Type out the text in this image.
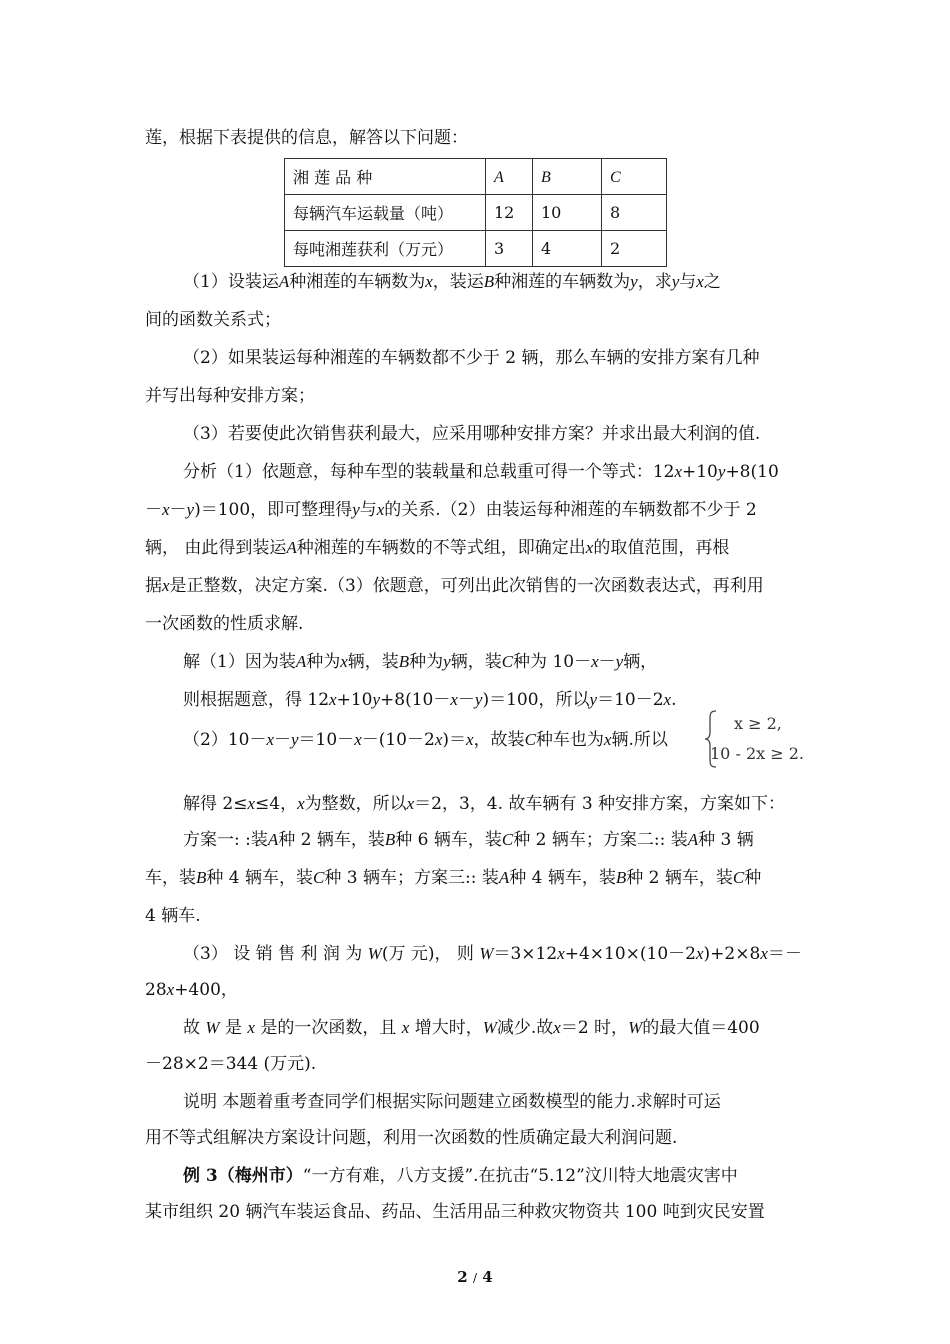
莲，根据下表提供的信息，解答以下问题：
湘 莲 品 种	A	B	C
每辆汽车运载量（吨）	12	10	8
每吨湘莲获利（万元）	3	4	2
（1）设装运A种湘莲的车辆数为x，装运B种湘莲的车辆数为y，求y与x之
间的函数关系式；
（2）如果装运每种湘莲的车辆数都不少于 2 辆，那么车辆的安排方案有几种
并写出每种安排方案；
（3）若要使此次销售获利最大，应采用哪种安排方案？并求出最大利润的值.
分析（1）依题意，每种车型的装载量和总载重可得一个等式：12x+10y+8(10
－x－y)＝100，即可整理得y与x的关系.（2）由装运每种湘莲的车辆数都不少于 2
辆， 由此得到装运A种湘莲的车辆数的不等式组，即确定出x的取值范围，再根
据x是正整数，决定方案.（3）依题意，可列出此次销售的一次函数表达式，再利用
一次函数的性质求解.
解（1）因为装A种为x辆，装B种为y辆，装C种为 10－x－y辆，
则根据题意，得 12x+10y+8(10－x－y)＝100，所以y＝10－2x.
（2）10－x－y＝10－x－(10－2x)＝x，故装C种车也为x辆.所以
x ≥ 2,
10 - 2x ≥ 2.
解得 2≤x≤4，x为整数，所以x＝2，3，4. 故车辆有 3 种安排方案，方案如下：
方案一: :装A种 2 辆车，装B种 6 辆车，装C种 2 辆车；方案二:: 装A种 3 辆
车，装B种 4 辆车，装C种 3 辆车；方案三:: 装A种 4 辆车，装B种 2 辆车，装C种
4 辆车.
（3） 设 销 售 利 润 为 W(万 元)， 则 W＝3×12x+4×10×(10－2x)+2×8x＝－
28x+400，
故 W 是 x 是的一次函数，且 x 增大时，W减少.故x＝2 时，W的最大值＝400
－28×2＝344 (万元).
说明 本题着重考查同学们根据实际问题建立函数模型的能力.求解时可运
用不等式组解决方案设计问题，利用一次函数的性质确定最大利润问题.
例 3（梅州市）“一方有难，八方支援”.在抗击“5.12”汶川特大地震灾害中
某市组织 20 辆汽车装运食品、药品、生活用品三种救灾物资共 100 吨到灾民安置
2 / 4
